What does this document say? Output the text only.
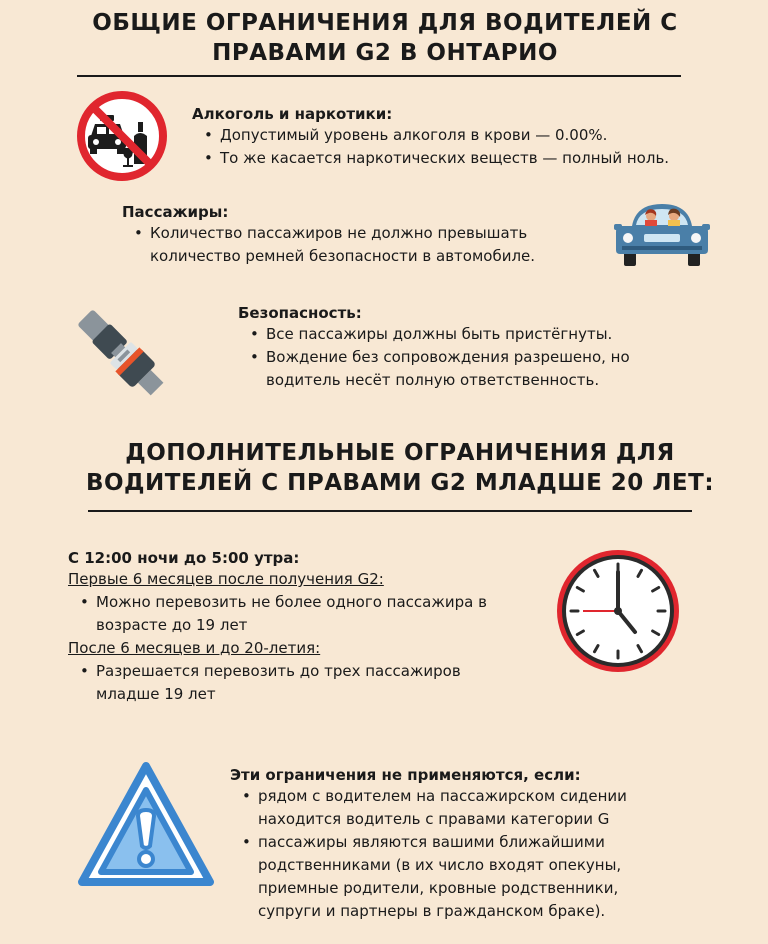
ОБЩИЕ ОГРАНИЧЕНИЯ ДЛЯ ВОДИТЕЛЕЙ С
ПРАВАМИ G2 В ОНТАРИО
Алкоголь и наркотики:
• Допустимый уровень алкоголя в крови — 0.00%.
• То же касается наркотических веществ — полный ноль.
Пассажиры:
• Количество пассажиров не должно превышать количество ремней безопасности в автомобиле.
Безопасность:
• Все пассажиры должны быть пристёгнуты.
• Вождение без сопровождения разрешено, но водитель несёт полную ответственность.
ДОПОЛНИТЕЛЬНЫЕ ОГРАНИЧЕНИЯ ДЛЯ
ВОДИТЕЛЕЙ С ПРАВАМИ G2 МЛАДШЕ 20 ЛЕТ:
С 12:00 ночи до 5:00 утра:
Первые 6 месяцев после получения G2:
• Можно перевозить не более одного пассажира в возрасте до 19 лет
После 6 месяцев и до 20-летия:
• Разрешается перевозить до трех пассажиров младше 19 лет
Эти ограничения не применяются, если:
• рядом с водителем на пассажирском сидении находится водитель с правами категории G
• пассажиры являются вашими ближайшими родственниками (в их число входят опекуны, приемные родители, кровные родственники, супруги и партнеры в гражданском браке).
